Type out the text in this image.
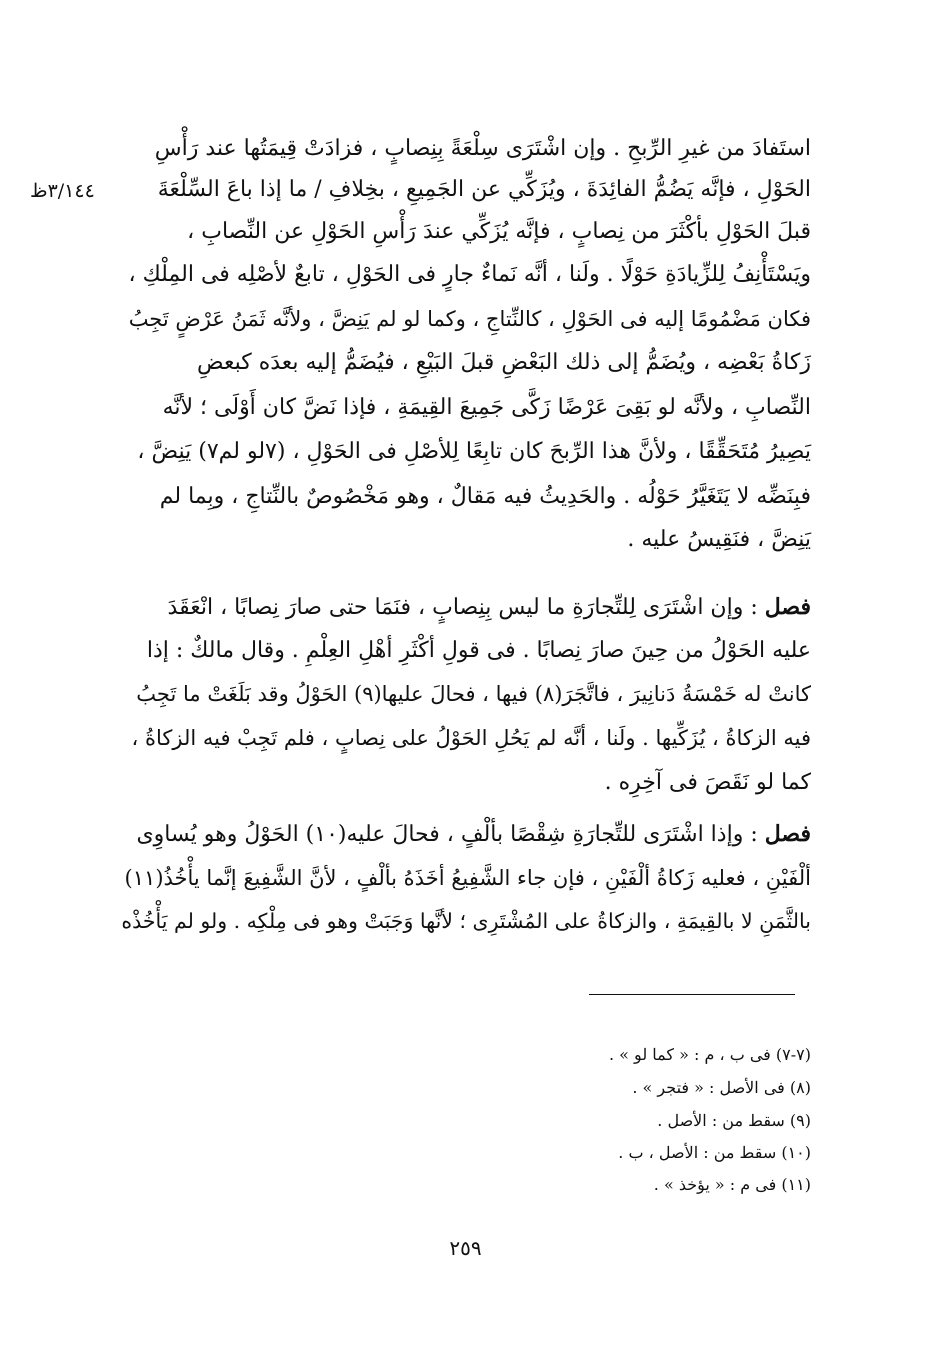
٣/١٤٤ظ
استَفادَ من غيرِ الرِّبحِ . وإن اشْتَرَى سِلْعَةً بِنِصابٍ ، فزادَتْ قِيمَتُها عند رَأْسِ
الحَوْلِ ، فإنَّه يَضُمُّ الفائِدَةَ ، ويُزَكِّي عن الجَمِيعِ ، بخِلافِ / ما إذا باعَ السِّلْعَةَ
قبلَ الحَوْلِ بأكْثَرَ من نِصابٍ ، فإنَّه يُزَكِّي عندَ رَأْسِ الحَوْلِ عن النِّصابِ ،
ويَسْتَأْنِفُ لِلزِّيادَةِ حَوْلًا . ولَنا ، أنَّه نَماءٌ جارٍ فى الحَوْلِ ، تابعٌ لأصْلِه فى المِلْكِ ،
فكان مَضْمُومًا إليه فى الحَوْلِ ، كالنِّتاجِ ، وكما لو لم يَنِضَّ ، ولأنَّه ثَمَنُ عَرْضٍ تَجِبُ
زَكاةُ بَعْضِه ، ويُضَمُّ إلى ذلك البَعْضِ قبلَ البَيْعِ ، فيُضَمُّ إليه بعدَه كبعضِ
النِّصابِ ، ولأنَّه لو بَقِىَ عَرْضًا زَكَّى جَمِيعَ القِيمَةِ ، فإذا نَضَّ كان أَوْلَى ؛ لأنَّه
يَصِيرُ مُتَحَقِّقًا ، ولأنَّ هذا الرِّبحَ كان تابِعًا لِلأصْلِ فى الحَوْلِ ، (٧لو لم٧) يَنِضَّ ،
فبِنَضِّه لا يَتَغَيَّرُ حَوْلُه . والحَدِيثُ فيه مَقالٌ ، وهو مَخْصُوصٌ بالنِّتاجِ ، وبِما لم
يَنِضَّ ، فنَقِيسُ عليه .
فصل : وإن اشْتَرَى لِلتِّجارَةِ ما ليس بِنِصابٍ ، فنَمَا حتى صارَ نِصابًا ، انْعَقَدَ
عليه الحَوْلُ من حِينَ صارَ نِصابًا . فى قولِ أكْثَرِ أهْلِ العِلْمِ . وقال مالكٌ : إذا
كانتْ له خَمْسَةُ دَنانِيرَ ، فاتَّجَرَ(٨) فيها ، فحالَ عليها(٩) الحَوْلُ وقد بَلَغَتْ ما تَجِبُ
فيه الزكاةُ ، يُزَكِّيها . ولَنا ، أنَّه لم يَحُلِ الحَوْلُ على نِصابٍ ، فلم تَجِبْ فيه الزكاةُ ،
كما لو نَقَصَ فى آخِرِه .
فصل : وإذا اشْتَرَى للتِّجارَةِ شِقْصًا بألْفٍ ، فحالَ عليه(١٠) الحَوْلُ وهو يُساوِى
ألْفَيْنِ ، فعليه زَكاةُ ألْفَيْنِ ، فإن جاء الشَّفِيعُ أخَذَهُ بألْفٍ ، لأنَّ الشَّفِيعَ إنَّما يأْخُذُ(١١)
بالثَّمَنِ لا بالقِيمَةِ ، والزكاةُ على المُشْتَرِى ؛ لأنَّها وَجَبَتْ وهو فى مِلْكِه . ولو لم يَأْخُذْه
(٧-٧) فى ب ، م : « كما لو » .
(٨) فى الأصل : « فتجر » .
(٩) سقط من : الأصل .
(١٠) سقط من : الأصل ، ب .
(١١) فى م : « يؤخذ » .
٢٥٩
